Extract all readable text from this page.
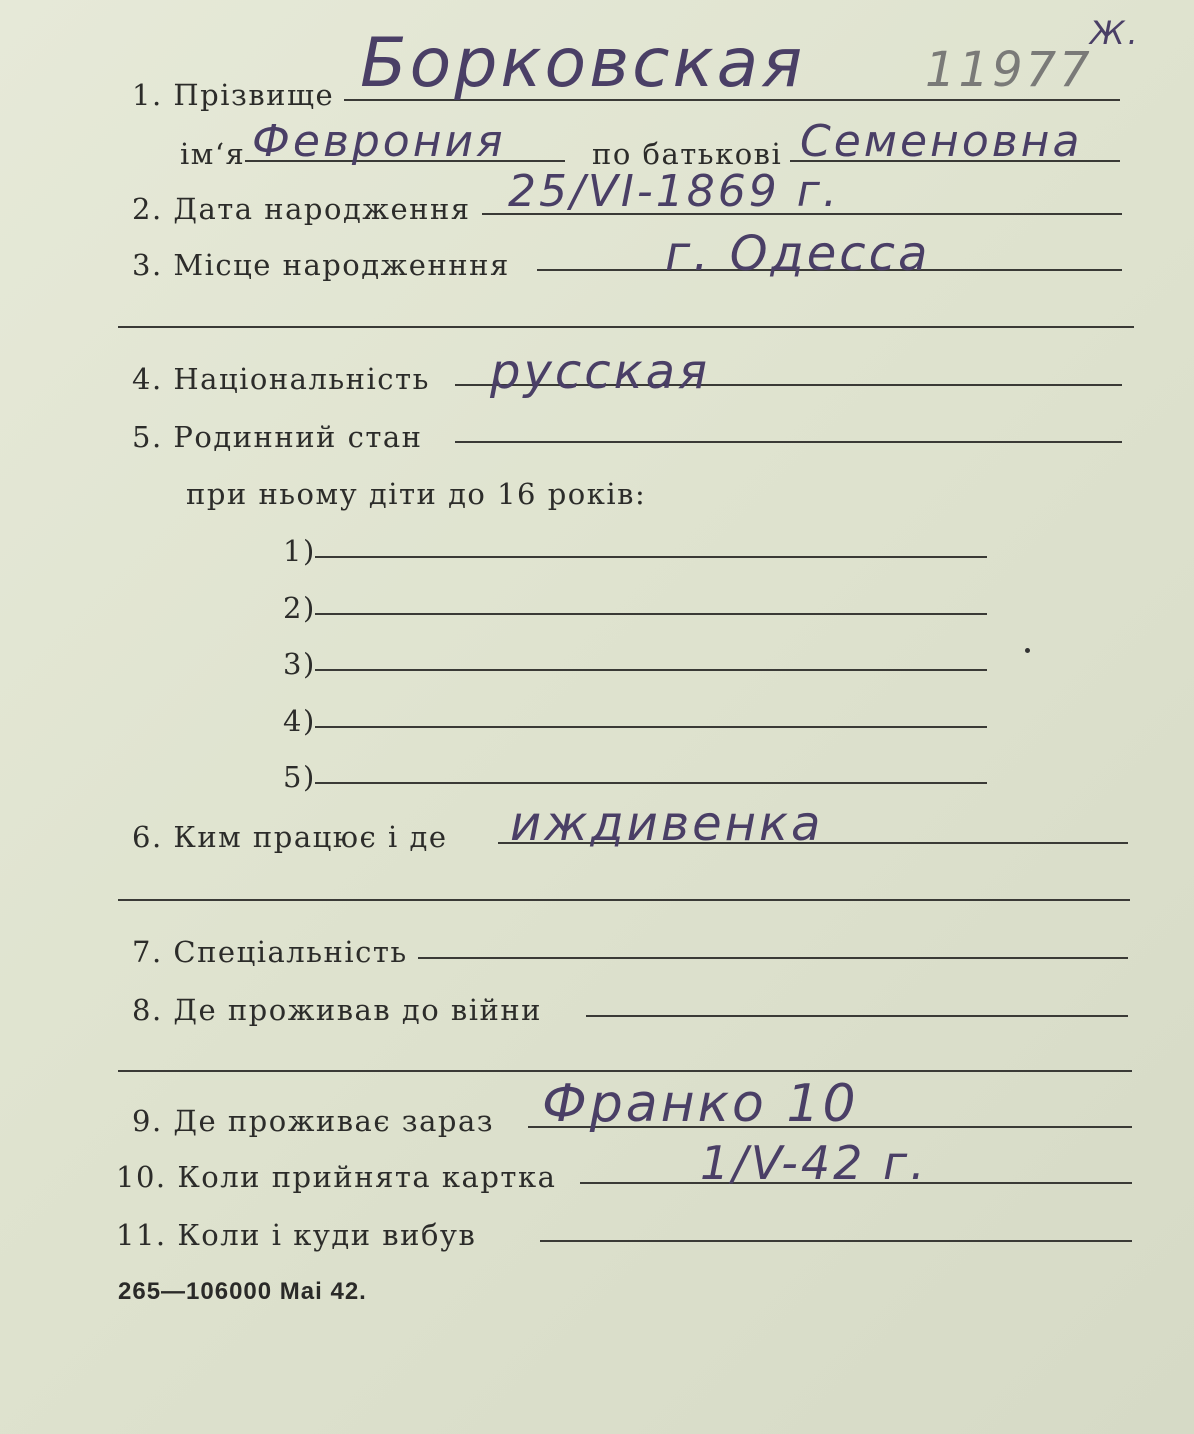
Ж.
1. Прізвище Борковская 11977
ім‘я Феврония	по батькові Семеновна
2. Дата народження 25/VI-1869 г.
3. Місце народженння	г. Одесса
4. Національність русская
5. Родинний стан
при ньому діти до 16 років:
1)
2)
3)
4)
5)
6. Ким працює і де иждивенка
7. Спеціальність
8. Де проживав до війни
9. Де проживає зараз Франко 10
10. Коли прийнята картка	1/V-42 г.
11. Коли і куди вибув
265—106000 Mai 42.
